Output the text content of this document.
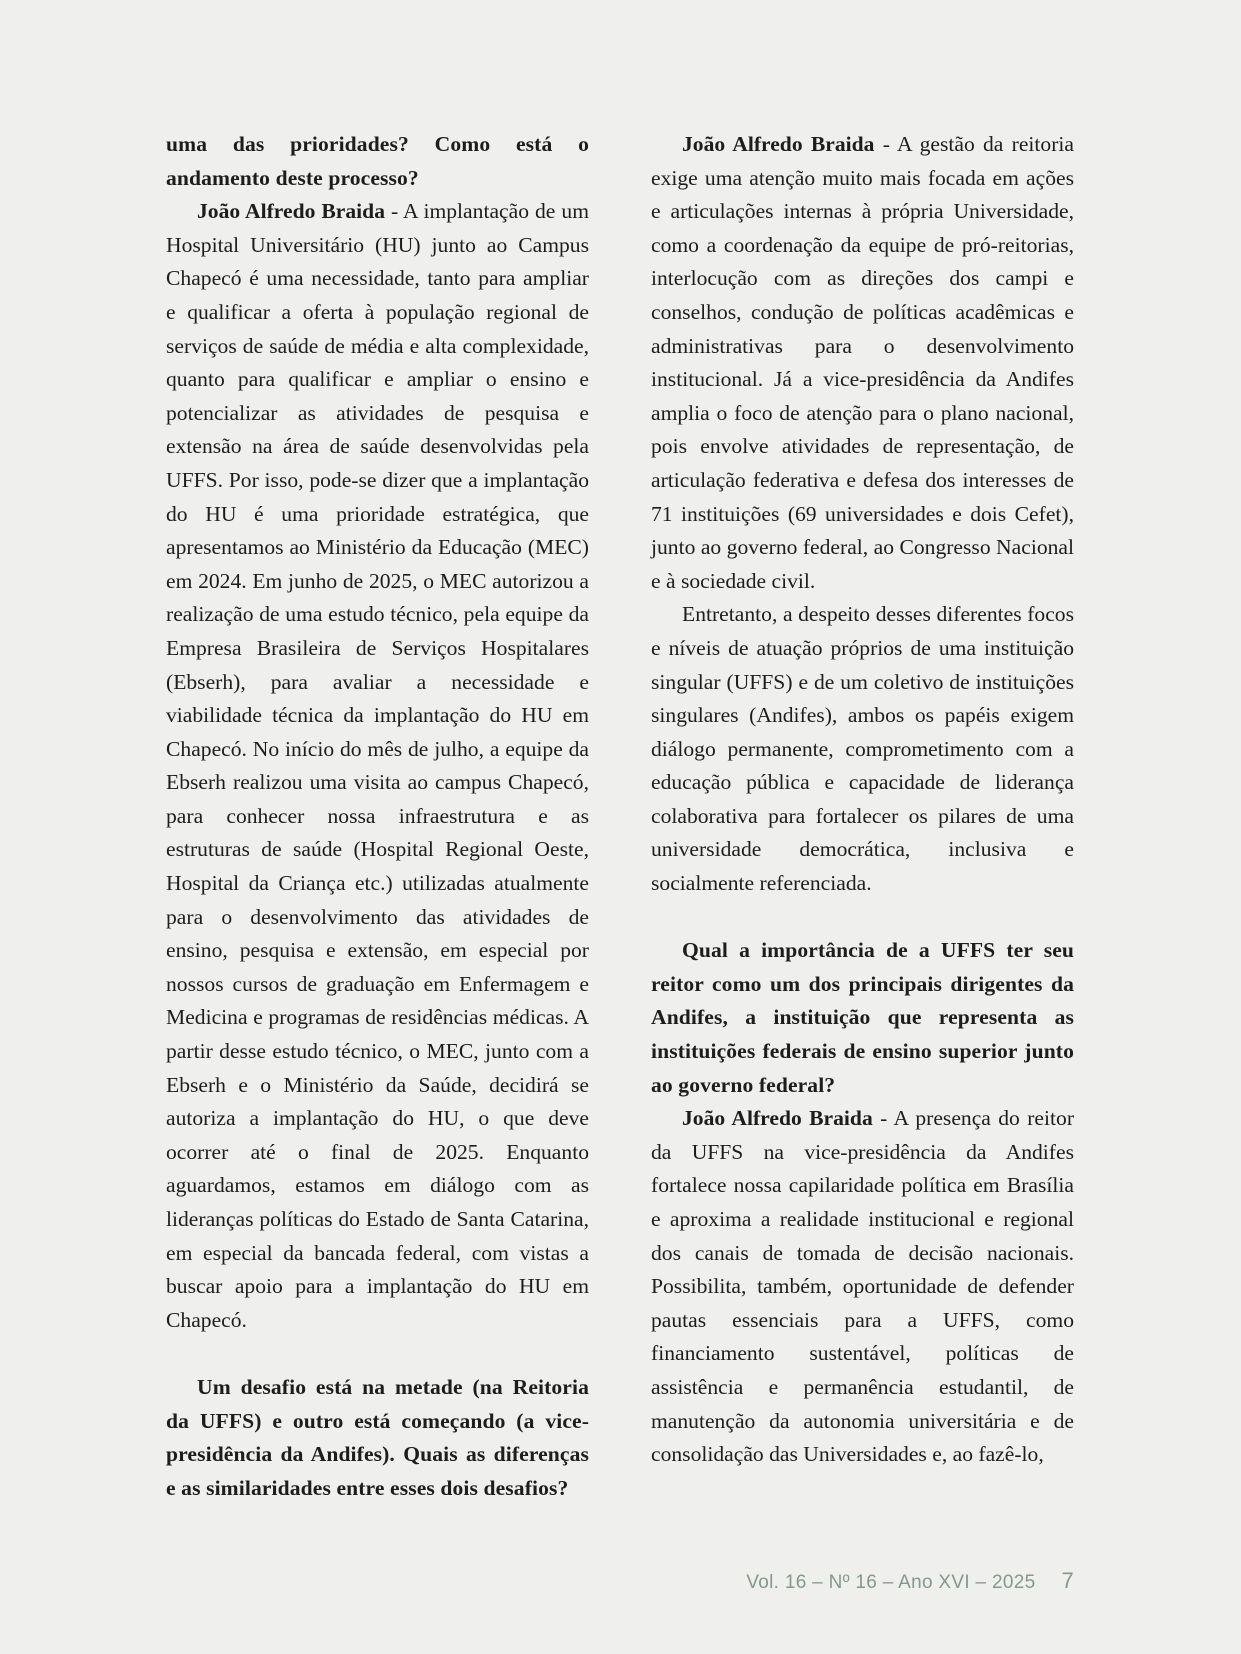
uma das prioridades? Como está o andamento deste processo?

João Alfredo Braida - A implantação de um Hospital Universitário (HU) junto ao Campus Chapecó é uma necessidade, tanto para ampliar e qualificar a oferta à população regional de serviços de saúde de média e alta complexidade, quanto para qualificar e ampliar o ensino e potencializar as atividades de pesquisa e extensão na área de saúde desenvolvidas pela UFFS. Por isso, pode-se dizer que a implantação do HU é uma prioridade estratégica, que apresentamos ao Ministério da Educação (MEC) em 2024. Em junho de 2025, o MEC autorizou a realização de uma estudo técnico, pela equipe da Empresa Brasileira de Serviços Hospitalares (Ebserh), para avaliar a necessidade e viabilidade técnica da implantação do HU em Chapecó. No início do mês de julho, a equipe da Ebserh realizou uma visita ao campus Chapecó, para conhecer nossa infraestrutura e as estruturas de saúde (Hospital Regional Oeste, Hospital da Criança etc.) utilizadas atualmente para o desenvolvimento das atividades de ensino, pesquisa e extensão, em especial por nossos cursos de graduação em Enfermagem e Medicina e programas de residências médicas. A partir desse estudo técnico, o MEC, junto com a Ebserh e o Ministério da Saúde, decidirá se autoriza a implantação do HU, o que deve ocorrer até o final de 2025. Enquanto aguardamos, estamos em diálogo com as lideranças políticas do Estado de Santa Catarina, em especial da bancada federal, com vistas a buscar apoio para a implantação do HU em Chapecó.

Um desafio está na metade (na Reitoria da UFFS) e outro está começando (a vice-presidência da Andifes). Quais as diferenças e as similaridades entre esses dois desafios?

João Alfredo Braida - A gestão da reitoria exige uma atenção muito mais focada em ações e articulações internas à própria Universidade, como a coordenação da equipe de pró-reitorias, interlocução com as direções dos campi e conselhos, condução de políticas acadêmicas e administrativas para o desenvolvimento institucional. Já a vice-presidência da Andifes amplia o foco de atenção para o plano nacional, pois envolve atividades de representação, de articulação federativa e defesa dos interesses de 71 instituições (69 universidades e dois Cefet), junto ao governo federal, ao Congresso Nacional e à sociedade civil.

Entretanto, a despeito desses diferentes focos e níveis de atuação próprios de uma instituição singular (UFFS) e de um coletivo de instituições singulares (Andifes), ambos os papéis exigem diálogo permanente, comprometimento com a educação pública e capacidade de liderança colaborativa para fortalecer os pilares de uma universidade democrática, inclusiva e socialmente referenciada.

Qual a importância de a UFFS ter seu reitor como um dos principais dirigentes da Andifes, a instituição que representa as instituições federais de ensino superior junto ao governo federal?

João Alfredo Braida - A presença do reitor da UFFS na vice-presidência da Andifes fortalece nossa capilaridade política em Brasília e aproxima a realidade institucional e regional dos canais de tomada de decisão nacionais. Possibilita, também, oportunidade de defender pautas essenciais para a UFFS, como financiamento sustentável, políticas de assistência e permanência estudantil, de manutenção da autonomia universitária e de consolidação das Universidades e, ao fazê-lo,

Vol. 16 – Nº 16 – Ano XVI – 2025 7
